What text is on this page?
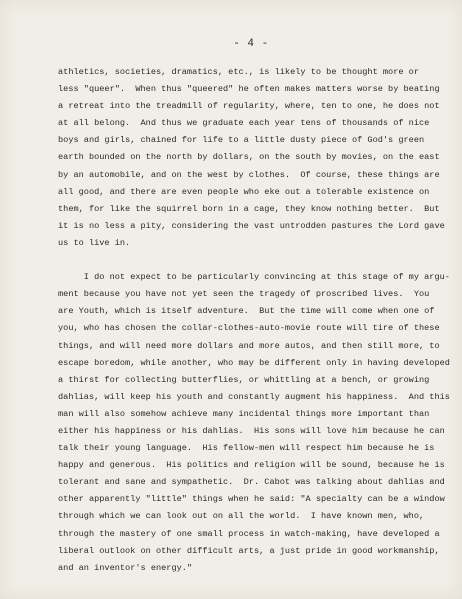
- 4 -
athletics, societies, dramatics, etc., is likely to be thought more or
less "queer".  When thus "queered" he often makes matters worse by beating
a retreat into the treadmill of regularity, where, ten to one, he does not
at all belong.  And thus we graduate each year tens of thousands of nice
boys and girls, chained for life to a little dusty piece of God's green
earth bounded on the north by dollars, on the south by movies, on the east
by an automobile, and on the west by clothes.  Of course, these things are
all good, and there are even people who eke out a tolerable existence on
them, for like the squirrel born in a cage, they know nothing better.  But
it is no less a pity, considering the vast untrodden pastures the Lord gave
us to live in.
I do not expect to be particularly convincing at this stage of my argu-
ment because you have not yet seen the tragedy of proscribed lives.  You
are Youth, which is itself adventure.  But the time will come when one of
you, who has chosen the collar-clothes-auto-movie route will tire of these
things, and will need more dollars and more autos, and then still more, to
escape boredom, while another, who may be different only in having developed
a thirst for collecting butterflies, or whittling at a bench, or growing
dahlias, will keep his youth and constantly augment his happiness.  And this
man will also somehow achieve many incidental things more important than
either his happiness or his dahlias.  His sons will love him because he can
talk their young language.  His fellow-men will respect him because he is
happy and generous.  His politics and religion will be sound, because he is
tolerant and sane and sympathetic.  Dr. Cabot was talking about dahlias and
other apparently "little" things when he said: "A specialty can be a window
through which we can look out on all the world.  I have known men, who,
through the mastery of one small process in watch-making, have developed a
liberal outlook on other difficult arts, a just pride in good workmanship,
and an inventor's energy."
